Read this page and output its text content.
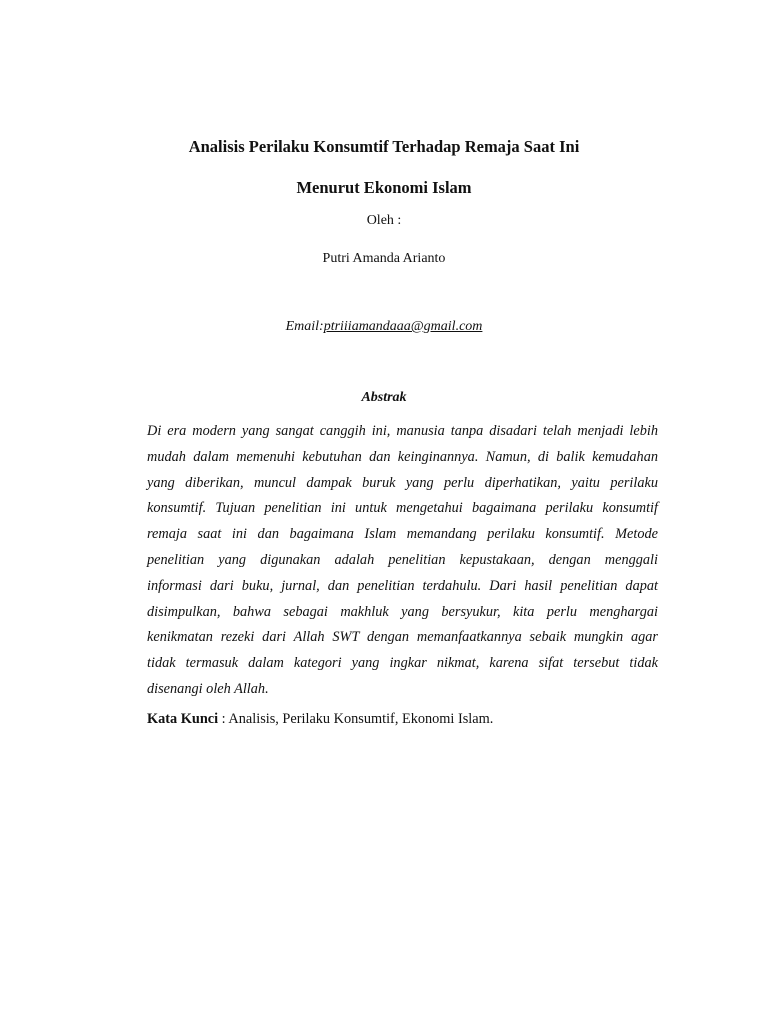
Analisis Perilaku Konsumtif Terhadap Remaja Saat Ini
Menurut Ekonomi Islam
Oleh :
Putri Amanda Arianto
Email:ptriiiamandaaa@gmail.com
Abstrak
Di era modern yang sangat canggih ini, manusia tanpa disadari telah menjadi lebih
mudah dalam memenuhi kebutuhan dan keinginannya. Namun, di balik kemudahan
yang diberikan, muncul dampak buruk yang perlu diperhatikan, yaitu perilaku
konsumtif. Tujuan penelitian ini untuk mengetahui bagaimana perilaku konsumtif
remaja saat ini dan bagaimana Islam memandang perilaku konsumtif. Metode
penelitian yang digunakan adalah penelitian kepustakaan, dengan menggali
informasi dari buku, jurnal, dan penelitian terdahulu. Dari hasil penelitian dapat
disimpulkan, bahwa sebagai makhluk yang bersyukur, kita perlu menghargai
kenikmatan rezeki dari Allah SWT dengan memanfaatkannya sebaik mungkin agar
tidak termasuk dalam kategori yang ingkar nikmat, karena sifat tersebut tidak
disenangi oleh Allah.
Kata Kunci : Analisis, Perilaku Konsumtif, Ekonomi Islam.
